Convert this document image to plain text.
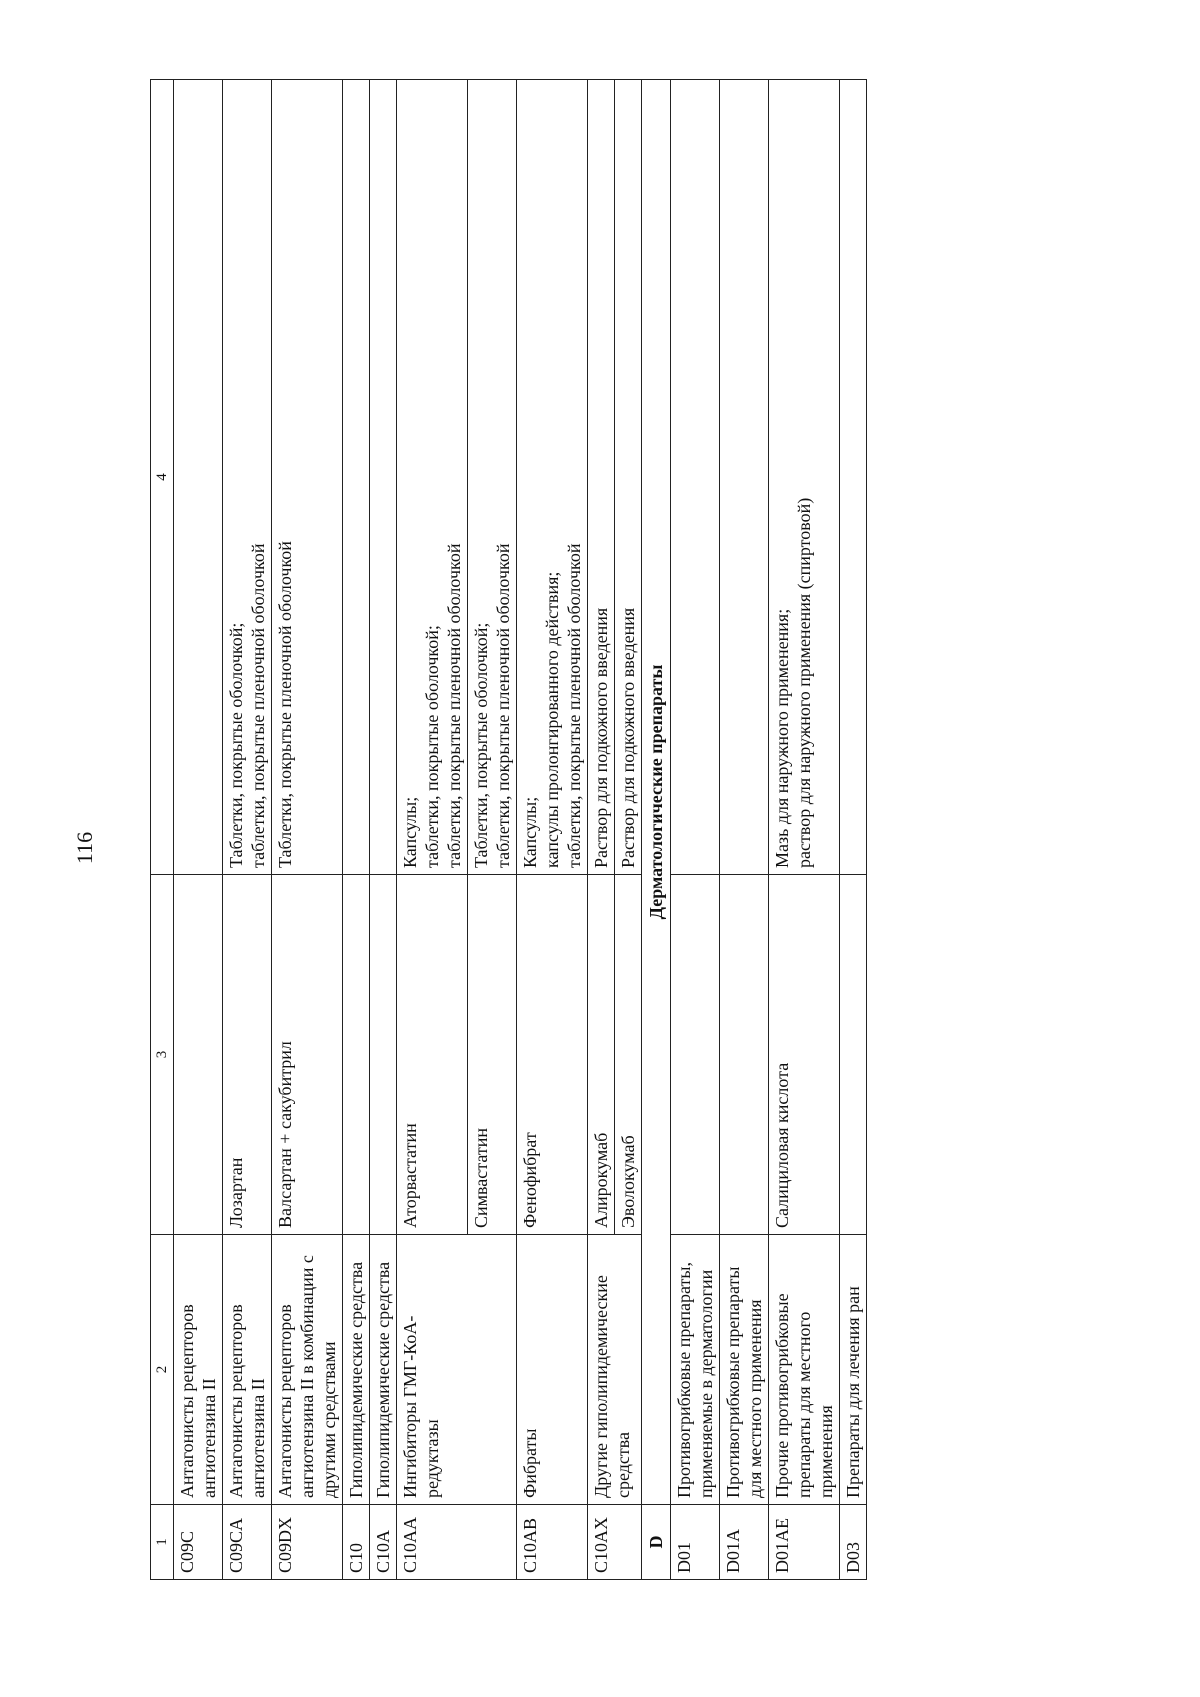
116
1	2	3	4
C09C	Антагонисты рецепторов ангиотензина II		
C09CA	Антагонисты рецепторов ангиотензина II	Лозартан	Таблетки, покрытые оболочкой; таблетки, покрытые пленочной оболочкой
C09DX	Антагонисты рецепторов ангиотензина II в комбинации с другими средствами	Валсартан + сакубитрил	Таблетки, покрытые пленочной оболочкой
C10	Гиполипидемические средства		
C10A	Гиполипидемические средства		
C10AA	Ингибиторы ГМГ-КоА-редуктазы	Аторвастатин	Капсулы; таблетки, покрытые оболочкой; таблетки, покрытые пленочной оболочкой
		Симвастатин	Таблетки, покрытые оболочкой; таблетки, покрытые пленочной оболочкой
C10AB	Фибраты	Фенофибрат	Капсулы; капсулы пролонгированного действия; таблетки, покрытые пленочной оболочкой
C10AX	Другие гиполипидемические средства	Алирокумаб	Раствор для подкожного введения
		Эволокумаб	Раствор для подкожного введения
D	Дерматологические препараты		
D01	Противогрибковые препараты, применяемые в дерматологии		
D01A	Противогрибковые препараты для местного применения		
D01AE	Прочие противогрибковые препараты для местного применения	Салициловая кислота	Мазь для наружного применения; раствор для наружного применения (спиртовой)
D03	Препараты для лечения ран		
